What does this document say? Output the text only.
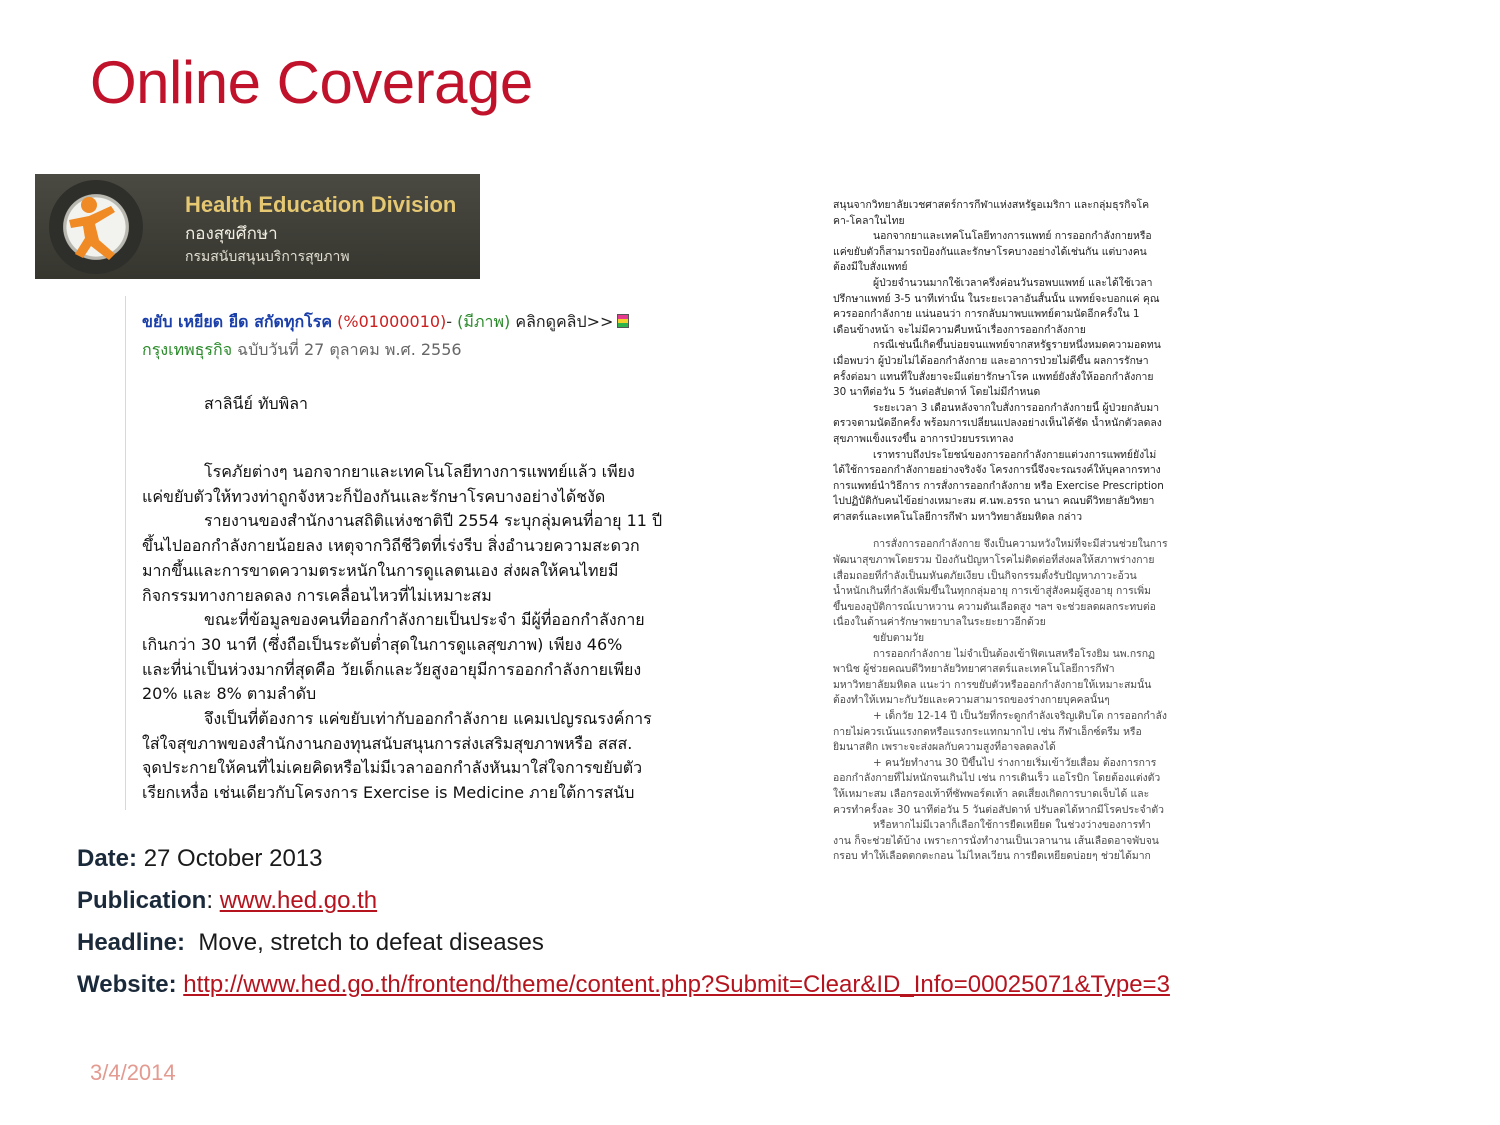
Online Coverage
Health Education Division
กองสุขศึกษา
กรมสนับสนุนบริการสุขภาพ
ขยับ เหยียด ยืด สกัดทุกโรค (%01000010)- (มีภาพ) คลิกดูคลิป>>
กรุงเทพธุรกิจ ฉบับวันที่ 27 ตุลาคม พ.ศ. 2556
สาลินีย์ ทับพิลา

โรคภัยต่างๆ นอกจากยาและเทคโนโลยีทางการแพทย์แล้ว เพียง

แค่ขยับตัวให้ทวงท่าถูกจังหวะก็ป้องกันและรักษาโรคบางอย่างได้ชงัด

รายงานของสำนักงานสถิติแห่งชาติปี 2554 ระบุกลุ่มคนที่อายุ 11 ปี

ขึ้นไปออกกำลังกายน้อยลง เหตุจากวิถีชีวิตที่เร่งรีบ สิ่งอำนวยความสะดวก

มากขึ้นและการขาดความตระหนักในการดูแลตนเอง ส่งผลให้คนไทยมี

กิจกรรมทางกายลดลง การเคลื่อนไหวที่ไม่เหมาะสม

ขณะที่ข้อมูลของคนที่ออกกำลังกายเป็นประจำ มีผู้ที่ออกกำลังกาย

เกินกว่า 30 นาที (ซึ่งถือเป็นระดับต่ำสุดในการดูแลสุขภาพ) เพียง 46%

และที่น่าเป็นห่วงมากที่สุดคือ วัยเด็กและวัยสูงอายุมีการออกกำลังกายเพียง

20% และ 8% ตามลำดับ

จึงเป็นที่ต้องการ แค่ขยับเท่ากับออกกำลังกาย แคมเปญรณรงค์การ

ใส่ใจสุขภาพของสำนักงานกองทุนสนับสนุนการส่งเสริมสุขภาพหรือ สสส.

จุดประกายให้คนที่ไม่เคยคิดหรือไม่มีเวลาออกกำลังหันมาใส่ใจการขยับตัว

เรียกเหงื่อ เช่นเดียวกับโครงการ Exercise is Medicine ภายใต้การสนับ

สนุนจากวิทยาลัยเวชศาสตร์การกีฬาแห่งสหรัฐอเมริกา และกลุ่มธุรกิจโค

คา-โคลาในไทย

นอกจากยาและเทคโนโลยีทางการแพทย์ การออกกำลังกายหรือ

แค่ขยับตัวก็สามารถป้องกันและรักษาโรคบางอย่างได้เช่นกัน แต่บางคน

ต้องมีใบสั่งแพทย์

ผู้ป่วยจำนวนมากใช้เวลาครึ่งค่อนวันรอพบแพทย์ และได้ใช้เวลา

ปรึกษาแพทย์ 3-5 นาทีเท่านั้น ในระยะเวลาอันสั้นนั้น แพทย์จะบอกแค่ คุณ

ควรออกกำลังกาย แน่นอนว่า การกลับมาพบแพทย์ตามนัดอีกครั้งใน 1

เดือนข้างหน้า จะไม่มีความคืบหน้าเรื่องการออกกำลังกาย

กรณีเช่นนี้เกิดขึ้นบ่อยจนแพทย์จากสหรัฐรายหนึ่งหมดความอดทน

เมื่อพบว่า ผู้ป่วยไม่ได้ออกกำลังกาย และอาการป่วยไม่ดีขึ้น ผลการรักษา

ครั้งต่อมา แทนที่ใบสั่งยาจะมีแต่ยารักษาโรค แพทย์ยังสั่งให้ออกกำลังกาย

30 นาทีต่อวัน 5 วันต่อสัปดาห์ โดยไม่มีกำหนด

ระยะเวลา 3 เดือนหลังจากใบสั่งการออกกำลังกายนี้ ผู้ป่วยกลับมา

ตรวจตามนัดอีกครั้ง พร้อมการเปลี่ยนแปลงอย่างเห็นได้ชัด น้ำหนักตัวลดลง

สุขภาพแข็งแรงขึ้น อาการป่วยบรรเทาลง

เราทราบถึงประโยชน์ของการออกกำลังกายแต่วงการแพทย์ยังไม่

ได้ใช้การออกกำลังกายอย่างจริงจัง โครงการนี้จึงจะรณรงค์ให้บุคลากรทาง

การแพทย์นำวิธีการ การสั่งการออกกำลังกาย หรือ Exercise Prescription

ไปปฏิบัติกับคนไข้อย่างเหมาะสม ศ.นพ.อรรถ นานา คณบดีวิทยาลัยวิทยา

ศาสตร์และเทคโนโลยีการกีฬา มหาวิทยาลัยมหิดล กล่าว

การสั่งการออกกำลังกาย จึงเป็นความหวังใหม่ที่จะมีส่วนช่วยในการ

พัฒนาสุขภาพโดยรวม ป้องกันปัญหาโรคไม่ติดต่อที่ส่งผลให้สภาพร่างกาย

เสื่อมถอยที่กำลังเป็นมหันตภัยเงียบ เป็นกิจกรรมตั้งรับปัญหาภาวะอ้วน

น้ำหนักเกินที่กำลังเพิ่มขึ้นในทุกกลุ่มอายุ การเข้าสู่สังคมผู้สูงอายุ การเพิ่ม

ขึ้นของอุบัติการณ์เบาหวาน ความดันเลือดสูง ฯลฯ จะช่วยลดผลกระทบต่อ

เนื่องในด้านค่ารักษาพยาบาลในระยะยาวอีกด้วย

ขยับตามวัย

การออกกำลังกาย ไม่จำเป็นต้องเข้าฟิตเนสหรือโรงยิม นพ.กรกฏ

พานิช ผู้ช่วยคณบดีวิทยาลัยวิทยาศาสตร์และเทคโนโลยีการกีฬา

มหาวิทยาลัยมหิดล แนะว่า การขยับตัวหรือออกกำลังกายให้เหมาะสมนั้น

ต้องทำให้เหมาะกับวัยและความสามารถของร่างกายบุคคลนั้นๆ

+ เด็กวัย 12-14 ปี เป็นวัยที่กระดูกกำลังเจริญเติบโต การออกกำลัง

กายไม่ควรเน้นแรงกดหรือแรงกระแทกมากไป เช่น กีฬาเอ็กซ์ตรีม หรือ

ยิมนาสติก เพราะจะส่งผลกับความสูงที่อาจลดลงได้

+ คนวัยทำงาน 30 ปีขึ้นไป ร่างกายเริ่มเข้าวัยเสื่อม ต้องการการ

ออกกำลังกายที่ไม่หนักจนเกินไป เช่น การเดินเร็ว แอโรบิก โดยต้องแต่งตัว

ให้เหมาะสม เลือกรองเท้าที่ซัพพอร์ตเท้า ลดเสี่ยงเกิดการบาดเจ็บได้ และ

ควรทำครั้งละ 30 นาทีต่อวัน 5 วันต่อสัปดาห์ ปรับลดได้หากมีโรคประจำตัว

หรือหากไม่มีเวลาก็เลือกใช้การยืดเหยียด ในช่วงว่างของการทำ

งาน ก็จะช่วยได้บ้าง เพราะการนั่งทำงานเป็นเวลานาน เส้นเลือดอาจพับจน

กรอบ ทำให้เลือดตกตะกอน ไม่ไหลเวียน การยืดเหยียดบ่อยๆ ช่วยได้มาก

Date: 27 October 2013
Publication: www.hed.go.th
Headline: Move, stretch to defeat diseases
Website: http://www.hed.go.th/frontend/theme/content.php?Submit=Clear&ID_Info=00025071&Type=3
3/4/2014
